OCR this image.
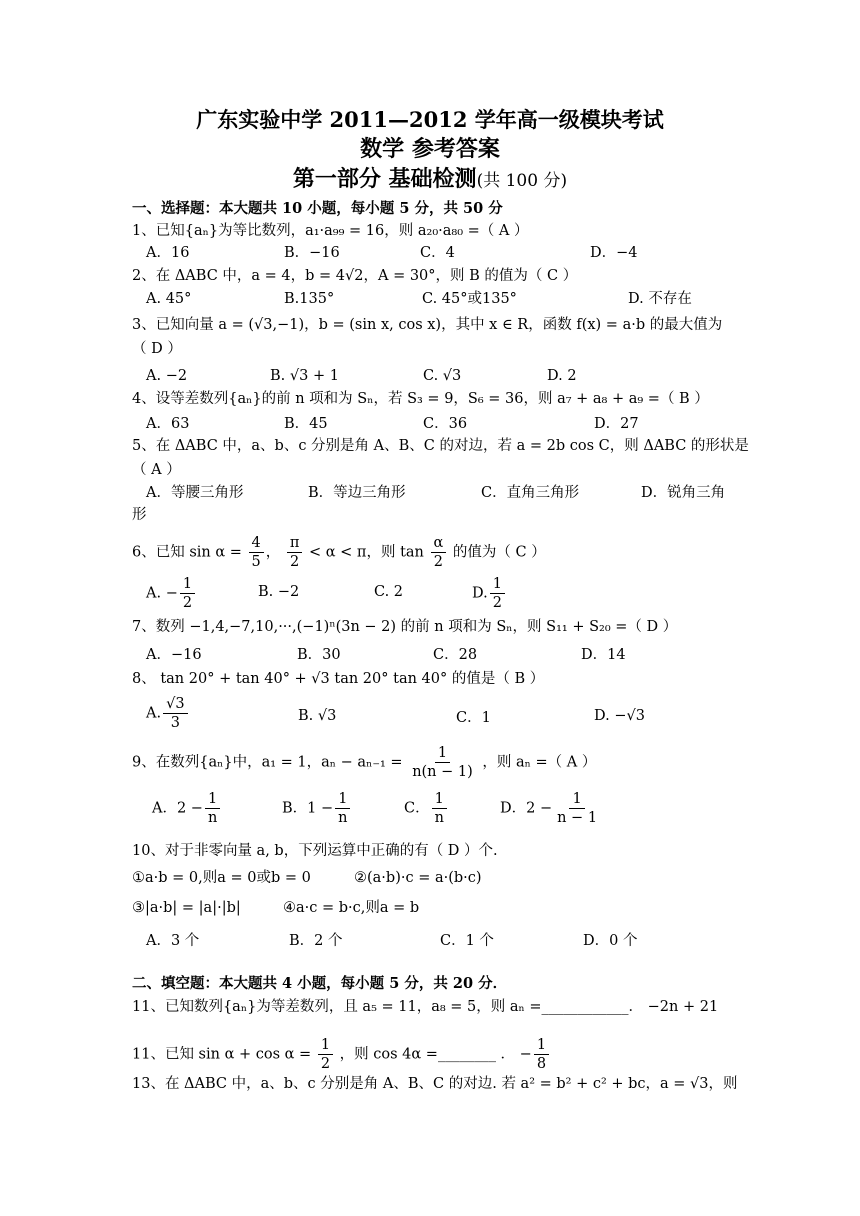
广东实验中学 2011—2012 学年高一级模块考试
数学 参考答案
第一部分 基础检测(共 100 分)
一、选择题：本大题共 10 小题，每小题 5 分，共 50 分
1、已知{aₙ}为等比数列，a₁·a₉₉ = 16，则 a₂₀·a₈₀ =（ A ）
A．16	B．−16	C．4	D．−4
2、在 ΔABC 中，a = 4，b = 4√2，A = 30°，则 B 的值为（ C ）
A. 45°	B.135°	C. 45°或135°	D. 不存在
3、已知向量 a = (√3,−1)，b = (sin x, cos x)，其中 x ∈ R，函数 f(x) = a·b 的最大值为
（ D ）
A. −2	B. √3 + 1	C. √3	D. 2
4、设等差数列{aₙ}的前 n 项和为 Sₙ，若 S₃ = 9，S₆ = 36，则 a₇ + a₈ + a₉ =（ B ）
A．63	B．45	C．36	D．27
5、在 ΔABC 中，a、b、c 分别是角 A、B、C 的对边，若 a = 2b cos C，则 ΔABC 的形状是
（ A ）
A．等腰三角形	B．等边三角形	C．直角三角形	D．锐角三角
形
6、已知 $\sin \alpha = \frac{4}{5}$ ， $\frac{\pi}{2} < \alpha < \pi$，则 $\tan \frac{\alpha}{2}$ 的值为（ C ）
A. − $\frac{1}{2}$	B. −2	C. 2	D. $\frac{1}{2}$
7、数列 −1,4,−7,10,···,(−1)ⁿ(3n − 2) 的前 n 项和为 Sₙ，则 S₁₁ + S₂₀ =（ D ）
A．−16	B．30	C．28	D．14
8、 tan 20° + tan 40° + √3 tan 20° tan 40° 的值是（ B ）
A. $\frac{√3}{3}$	B. √3	C．1	D. −√3
9、在数列{aₙ}中，a₁ = 1，$a_n - a_{n-1} = \frac{1}{n(n - 1)}$ ，则 aₙ =（ A ）
A．$2 - \frac{1}{n}$	B．$1 - \frac{1}{n}$	C． $\frac{1}{n}$	D．$2 - \frac{1}{n - 1}$
10、对于非零向量 a, b，下列运算中正确的有（ D ）个.
①a·b = 0,则a = 0或b = 0	②(a·b)·c = a·(b·c)
③|a·b| = |a|·|b|	④a·c = b·c,则a = b
A．3 个	B．2 个	C．1 个	D．0 个
二、填空题：本大题共 4 小题，每小题 5 分，共 20 分．
11、已知数列{aₙ}为等差数列，且 a₅ = 11，a₈ = 5，则 aₙ =____________． −2n + 21
11、已知 $\sin \alpha + \cos \alpha = \frac{1}{2}$ ，则 cos 4α =________ ． − $\frac{1}{8}$
13、在 ΔABC 中，a、b、c 分别是角 A、B、C 的对边. 若 a² = b² + c² + bc，a = √3，则
